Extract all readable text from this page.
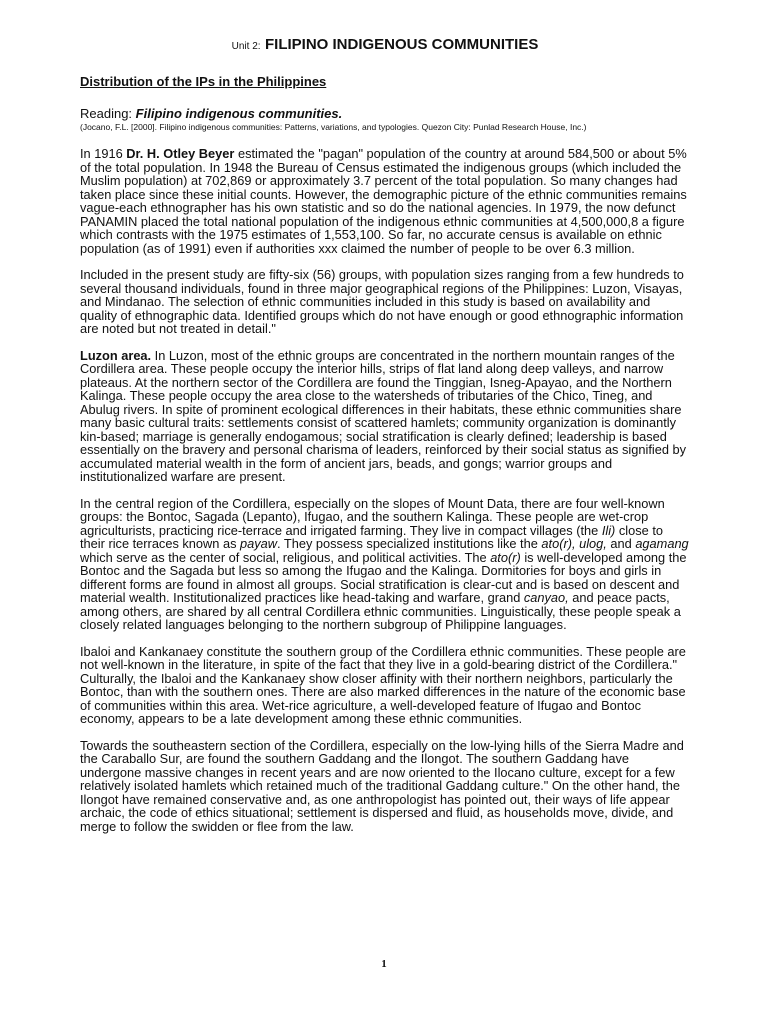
Unit 2: FILIPINO INDIGENOUS COMMUNITIES
Distribution of the IPs in the Philippines

Reading: Filipino indigenous communities.

(Jocano, F.L. [2000]. Filipino indigenous communities: Patterns, variations, and typologies. Quezon City: Punlad Research House, Inc.)

In 1916 Dr. H. Otley Beyer estimated the "pagan" population of the country at around 584,500 or about 5% of the total population. In 1948 the Bureau of Census estimated the indigenous groups (which included the Muslim population) at 702,869 or approximately 3.7 percent of the total population. So many changes had taken place since these initial counts. However, the demographic picture of the ethnic communities remains vague-each ethnographer has his own statistic and so do the national agencies. In 1979, the now defunct PANAMIN placed the total national population of the indigenous ethnic communities at 4,500,000,8 a figure which contrasts with the 1975 estimates of 1,553,100. So far, no accurate census is available on ethnic population (as of 1991) even if authorities xxx claimed the number of people to be over 6.3 million.

Included in the present study are fifty-six (56) groups, with population sizes ranging from a few hundreds to several thousand individuals, found in three major geographical regions of the Philippines: Luzon, Visayas, and Mindanao. The selection of ethnic communities included in this study is based on availability and quality of ethnographic data. Identified groups which do not have enough or good ethnographic information are noted but not treated in detail."

Luzon area. In Luzon, most of the ethnic groups are concentrated in the northern mountain ranges of the Cordillera area. These people occupy the interior hills, strips of flat land along deep valleys, and narrow plateaus. At the northern sector of the Cordillera are found the Tinggian, Isneg-Apayao, and the Northern Kalinga. These people occupy the area close to the watersheds of tributaries of the Chico, Tineg, and Abulug rivers. In spite of prominent ecological differences in their habitats, these ethnic communities share many basic cultural traits: settlements consist of scattered hamlets; community organization is dominantly kin-based; marriage is generally endogamous; social stratification is clearly defined; leadership is based essentially on the bravery and personal charisma of leaders, reinforced by their social status as signified by accumulated material wealth in the form of ancient jars, beads, and gongs; warrior groups and institutionalized warfare are present.

In the central region of the Cordillera, especially on the slopes of Mount Data, there are four well-known groups: the Bontoc, Sagada (Lepanto), Ifugao, and the southern Kalinga. These people are wet-crop agriculturists, practicing rice-terrace and irrigated farming. They live in compact villages (the Ili) close to their rice terraces known as payaw. They possess specialized institutions like the ato(r), ulog, and agamang which serve as the center of social, religious, and political activities. The ato(r) is well-developed among the Bontoc and the Sagada but less so among the Ifugao and the Kalinga. Dormitories for boys and girls in different forms are found in almost all groups. Social stratification is clear-cut and is based on descent and material wealth. Institutionalized practices like head-taking and warfare, grand canyao, and peace pacts, among others, are shared by all central Cordillera ethnic communities. Linguistically, these people speak a closely related languages belonging to the northern subgroup of Philippine languages.

Ibaloi and Kankanaey constitute the southern group of the Cordillera ethnic communities. These people are not well-known in the literature, in spite of the fact that they live in a gold-bearing district of the Cordillera." Culturally, the Ibaloi and the Kankanaey show closer affinity with their northern neighbors, particularly the Bontoc, than with the southern ones. There are also marked differences in the nature of the economic base of communities within this area. Wet-rice agriculture, a well-developed feature of Ifugao and Bontoc economy, appears to be a late development among these ethnic communities.

Towards the southeastern section of the Cordillera, especially on the low-lying hills of the Sierra Madre and the Caraballo Sur, are found the southern Gaddang and the Ilongot. The southern Gaddang have undergone massive changes in recent years and are now oriented to the Ilocano culture, except for a few relatively isolated hamlets which retained much of the traditional Gaddang culture." On the other hand, the Ilongot have remained conservative and, as one anthropologist has pointed out, their ways of life appear archaic, the code of ethics situational; settlement is dispersed and fluid, as households move, divide, and merge to follow the swidden or flee from the law.

1
